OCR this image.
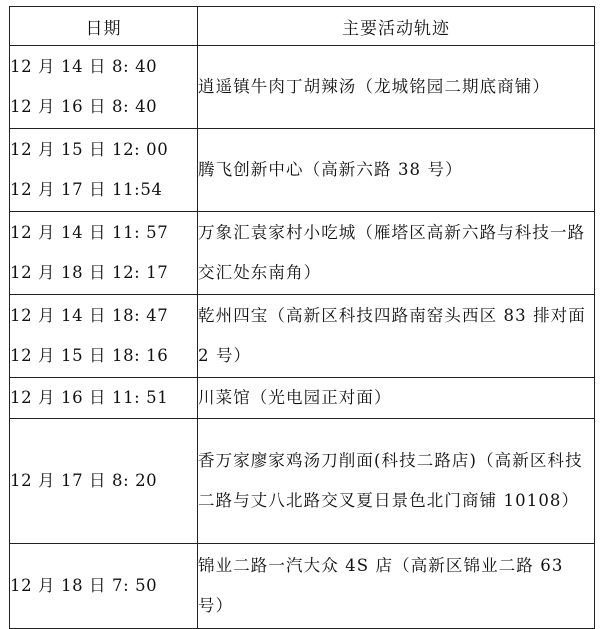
日期	主要活动轨迹

12 月 14 日 8: 40
12 月 16 日 8: 40	逍遥镇牛肉丁胡辣汤（龙城铭园二期底商铺）

12 月 15 日 12: 00
12 月 17 日 11:54	腾飞创新中心（高新六路 38 号）

12 月 14 日 11: 57
12 月 18 日 12: 17	万象汇袁家村小吃城（雁塔区高新六路与科技一路交汇处东南角）

12 月 14 日 18: 47
12 月 15 日 18: 16	乾州四宝（高新区科技四路南窑头西区 83 排对面 2 号）

12 月 16 日 11: 51	川菜馆（光电园正对面）

12 月 17 日 8: 20	香万家廖家鸡汤刀削面(科技二路店)（高新区科技二路与丈八北路交叉夏日景色北门商铺 10108）

12 月 18 日 7: 50	锦业二路一汽大众 4S 店（高新区锦业二路 63 号）
